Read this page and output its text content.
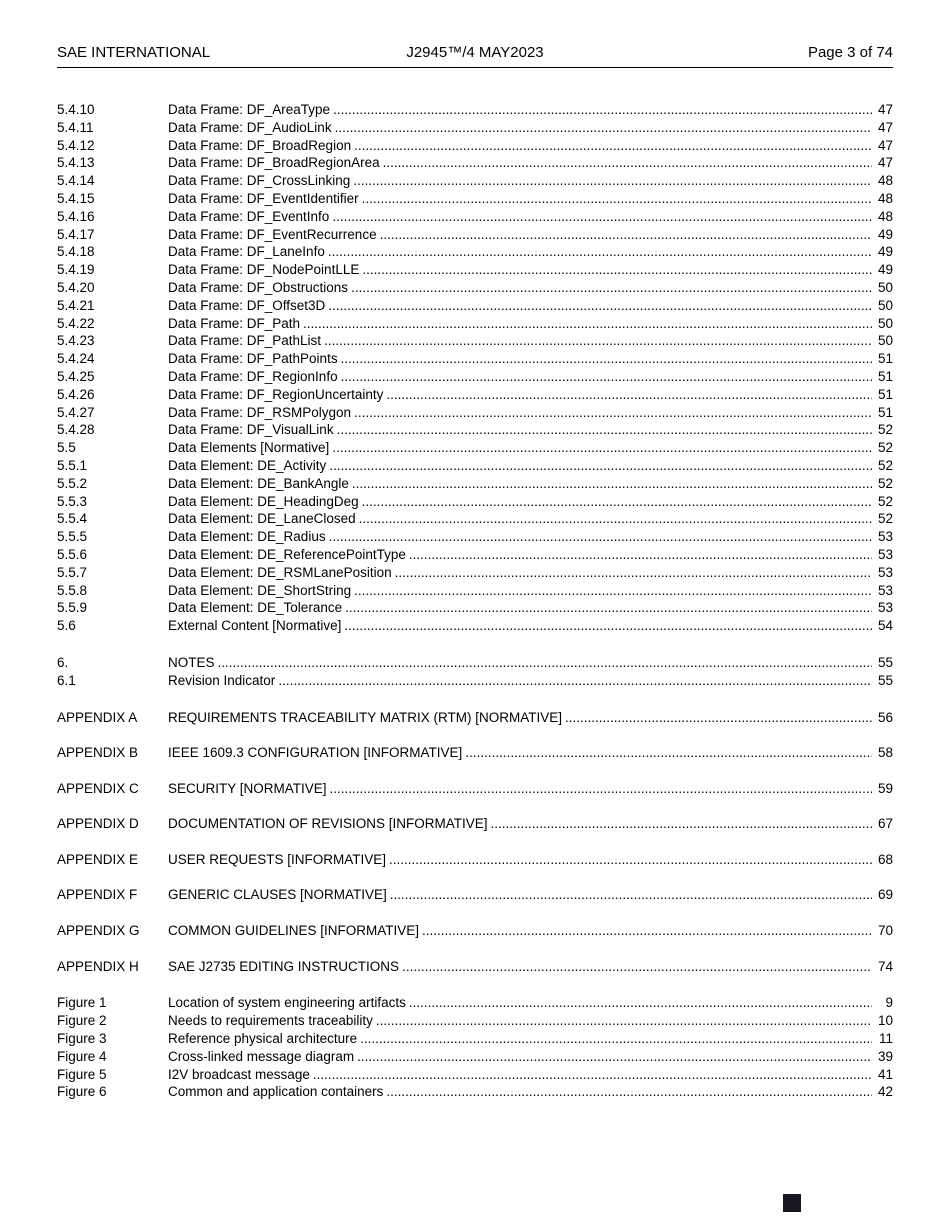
SAE INTERNATIONAL	J2945™/4 MAY2023	Page 3 of 74
5.4.10	Data Frame: DF_AreaType .....	47
5.4.11	Data Frame: DF_AudioLink .....	47
5.4.12	Data Frame: DF_BroadRegion .....	47
5.4.13	Data Frame: DF_BroadRegionArea .....	47
5.4.14	Data Frame: DF_CrossLinking .....	48
5.4.15	Data Frame: DF_EventIdentifier .....	48
5.4.16	Data Frame: DF_EventInfo .....	48
5.4.17	Data Frame: DF_EventRecurrence .....	49
5.4.18	Data Frame: DF_LaneInfo .....	49
5.4.19	Data Frame: DF_NodePointLLE .....	49
5.4.20	Data Frame: DF_Obstructions .....	50
5.4.21	Data Frame: DF_Offset3D .....	50
5.4.22	Data Frame: DF_Path .....	50
5.4.23	Data Frame: DF_PathList .....	50
5.4.24	Data Frame: DF_PathPoints .....	51
5.4.25	Data Frame: DF_RegionInfo .....	51
5.4.26	Data Frame: DF_RegionUncertainty .....	51
5.4.27	Data Frame: DF_RSMPolygon .....	51
5.4.28	Data Frame: DF_VisualLink .....	52
5.5	Data Elements [Normative] .....	52
5.5.1	Data Element: DE_Activity .....	52
5.5.2	Data Element: DE_BankAngle .....	52
5.5.3	Data Element: DE_HeadingDeg .....	52
5.5.4	Data Element: DE_LaneClosed .....	52
5.5.5	Data Element: DE_Radius .....	53
5.5.6	Data Element: DE_ReferencePointType .....	53
5.5.7	Data Element: DE_RSMLanePosition .....	53
5.5.8	Data Element: DE_ShortString .....	53
5.5.9	Data Element: DE_Tolerance .....	53
5.6	External Content [Normative] .....	54
6.	NOTES .....	55
6.1	Revision Indicator .....	55
APPENDIX A	REQUIREMENTS TRACEABILITY MATRIX (RTM) [NORMATIVE] .....	56
APPENDIX B	IEEE 1609.3 CONFIGURATION [INFORMATIVE] .....	58
APPENDIX C	SECURITY [NORMATIVE] .....	59
APPENDIX D	DOCUMENTATION OF REVISIONS [INFORMATIVE] .....	67
APPENDIX E	USER REQUESTS [INFORMATIVE] .....	68
APPENDIX F	GENERIC CLAUSES [NORMATIVE] .....	69
APPENDIX G	COMMON GUIDELINES [INFORMATIVE] .....	70
APPENDIX H	SAE J2735 EDITING INSTRUCTIONS .....	74
Figure 1	Location of system engineering artifacts .....	9
Figure 2	Needs to requirements traceability .....	10
Figure 3	Reference physical architecture .....	11
Figure 4	Cross-linked message diagram .....	39
Figure 5	I2V broadcast message .....	41
Figure 6	Common and application containers .....	42
